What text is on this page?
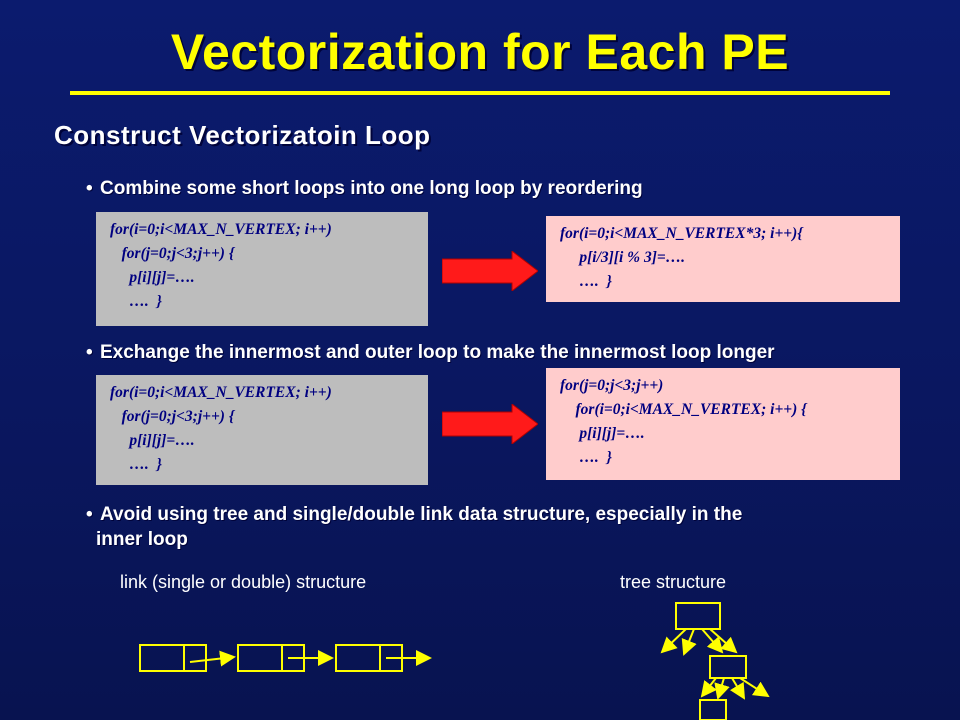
Vectorization for Each PE
Construct Vectorizatoin Loop
• Combine some short loops into one long loop by reordering
for(i=0;i<MAX_N_VERTEX; i++)
for(j=0;j<3;j++) {
p[i][j]=….
….  }
for(i=0;i<MAX_N_VERTEX*3; i++){
p[i/3][i % 3]=….
….  }
• Exchange the innermost and outer loop to make the innermost loop longer
for(i=0;i<MAX_N_VERTEX; i++)
for(j=0;j<3;j++) {
p[i][j]=….
….  }
for(j=0;j<3;j++)
for(i=0;i<MAX_N_VERTEX; i++) {
p[i][j]=….
….  }
• Avoid using tree and single/double link data structure, especially in the
inner loop
link (single or double) structure	tree structure
